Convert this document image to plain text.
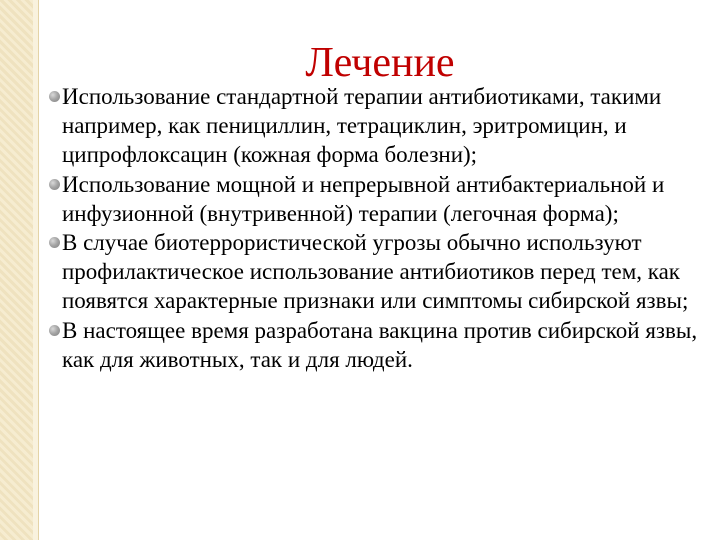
Лечение
Использование стандартной терапии антибиотиками, такими например, как пенициллин, тетрациклин, эритромицин, и ципрофлоксацин (кожная форма болезни);
Использование мощной и непрерывной антибактериальной и инфузионной (внутривенной) терапии (легочная форма);
В случае биотеррористической угрозы обычно используют профилактическое использование антибиотиков перед тем, как появятся характерные признаки или симптомы сибирской язвы;
В настоящее время разработана вакцина против сибирской язвы, как для животных, так и для людей.
